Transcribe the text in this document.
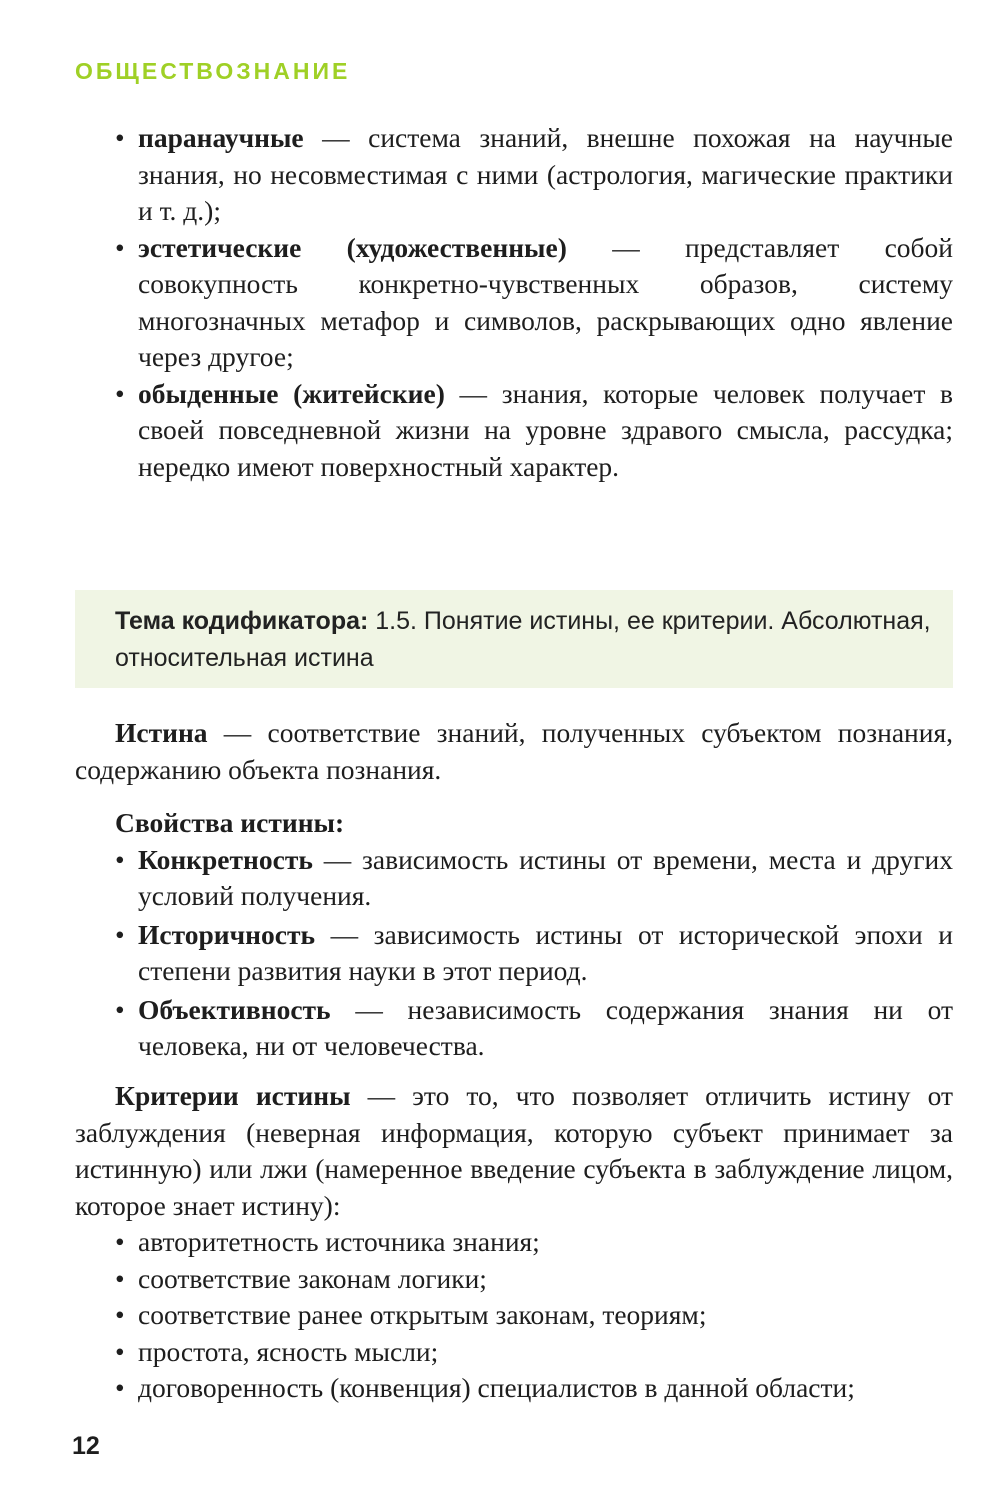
ОБЩЕСТВОЗНАНИЕ
• паранаучные — система знаний, внешне похожая на научные знания, но несовместимая с ними (астрология, магические практики и т. д.);
• эстетические (художественные) — представляет собой совокупность конкретно-чувственных образов, систему многозначных метафор и символов, раскрывающих одно явление через другое;
• обыденные (житейские) — знания, которые человек получает в своей повседневной жизни на уровне здравого смысла, рассудка; нередко имеют поверхностный характер.
Тема кодификатора: 1.5. Понятие истины, ее критерии. Абсолютная, относительная истина

Истина — соответствие знаний, полученных субъектом познания, содержанию объекта познания.

Свойства истины:

• Конкретность — зависимость истины от времени, места и других условий получения.
• Историчность — зависимость истины от исторической эпохи и степени развития науки в этот период.
• Объективность — независимость содержания знания ни от человека, ни от человечества.

Критерии истины — это то, что позволяет отличить истину от заблуждения (неверная информация, которую субъект принимает за истинную) или лжи (намеренное введение субъекта в заблуждение лицом, которое знает истину):

• авторитетность источника знания;
• соответствие законам логики;
• соответствие ранее открытым законам, теориям;
• простота, ясность мысли;
• договоренность (конвенция) специалистов в данной области;
12
